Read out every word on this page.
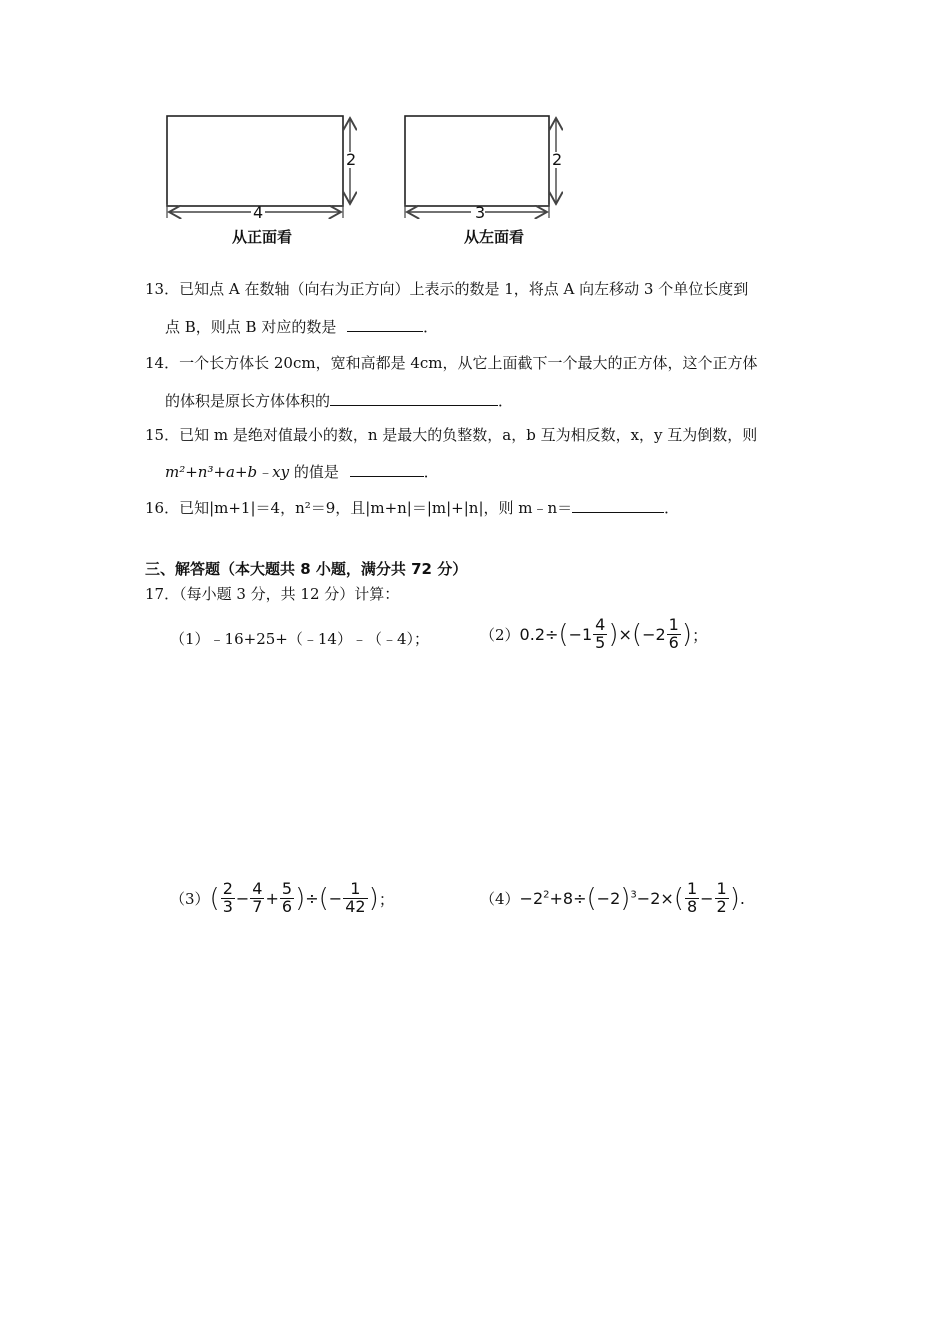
4
2
3
2
从正面看	从左面看
13．已知点 A 在数轴（向右为正方向）上表示的数是 1，将点 A 向左移动 3 个单位长度到
点 B，则点 B 对应的数是	．
14．一个长方体长 20cm，宽和高都是 4cm，从它上面截下一个最大的正方体，这个正方体
的体积是原长方体体积的	．
15．已知 m 是绝对值最小的数，n 是最大的负整数，a，b 互为相反数，x，y 互为倒数，则
m²+n³+a+b﹣xy 的值是	．
16．已知|m+1|＝4，n²＝9，且|m+n|＝|m|+|n|，则 m﹣n＝	．
三、解答题（本大题共 8 小题，满分共 72 分）
17．（每小题 3 分，共 12 分）计算：
（1）﹣16+25+（﹣14）﹣（﹣4）；	$(2)0.2\div(-1 \frac{4}{5} )\times(-2 \frac{1}{6}$ )；
$(3)( \frac{2}{3} - \frac{4}{7} + \frac{5}{6}$ )÷(− $\frac{1}{42}$ )；	$(4)-2^2+8\div(-2)^3-2\times( \frac{1}{8} - \frac{1}{2}$ ).
